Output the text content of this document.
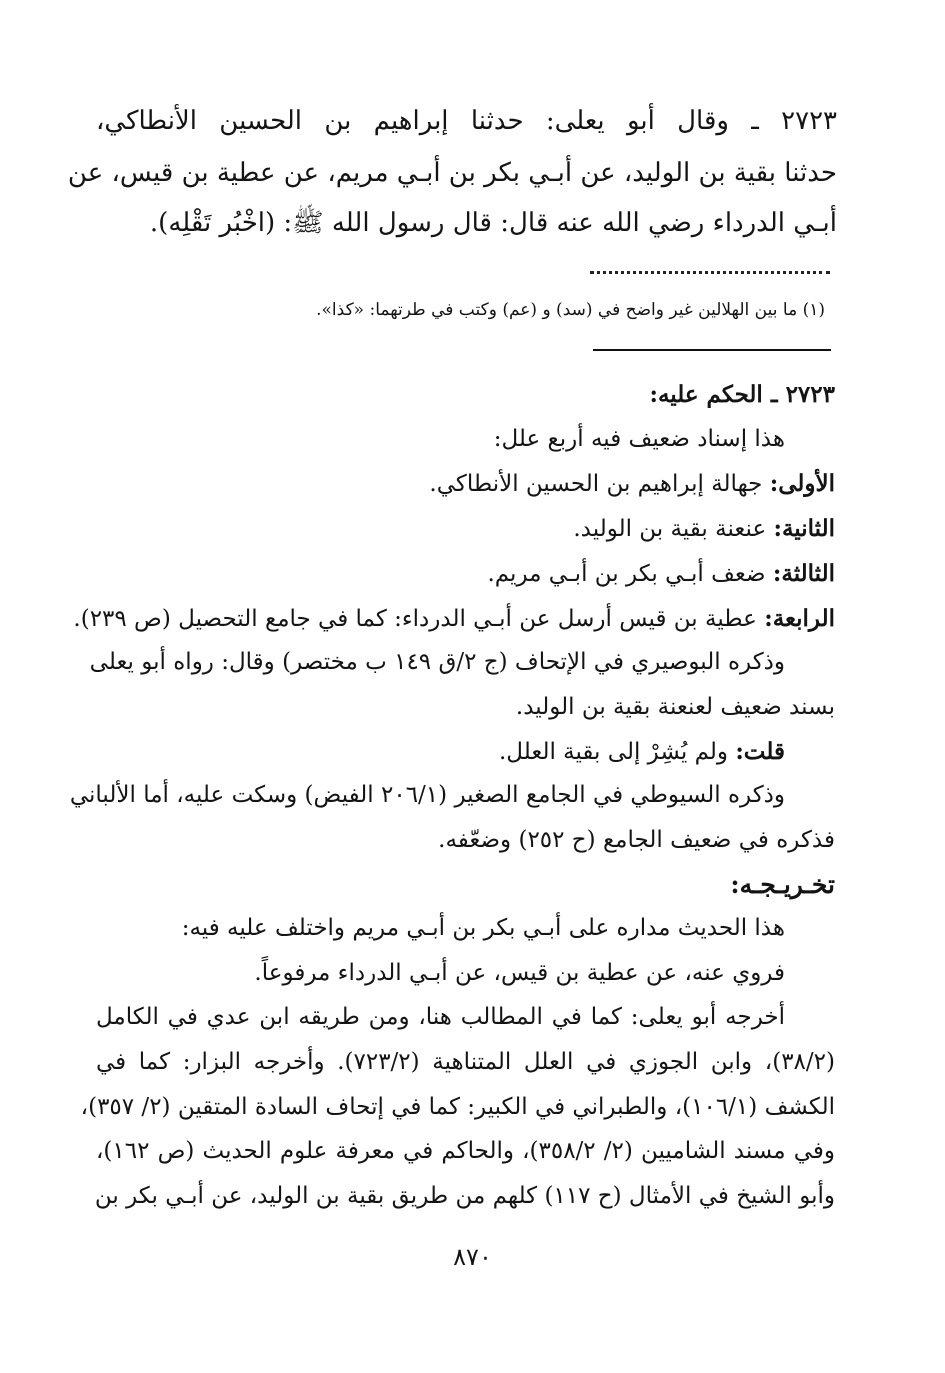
٢٧٢٣ ـ وقال أبو يعلى: حدثنا إبراهيم بن الحسين الأنطاكي،
حدثنا بقية بن الوليد، عن أبـي بكر بن أبـي مريم، عن عطية بن قيس، عن
أبـي الدرداء رضي الله عنه قال: قال رسول الله ﷺ: (اخْبُر تَقْلِه).
(١) ما بين الهلالين غير واضح في (سد) و (عم) وكتب في طرتهما: «كذا».
٢٧٢٣ ـ الحكم عليه:
هذا إسناد ضعيف فيه أربع علل:
الأولى: جهالة إبراهيم بن الحسين الأنطاكي.
الثانية: عنعنة بقية بن الوليد.
الثالثة: ضعف أبـي بكر بن أبـي مريم.
الرابعة: عطية بن قيس أرسل عن أبـي الدرداء: كما في جامع التحصيل (ص ٢٣٩).
وذكره البوصيري في الإتحاف (ج ٢/ق ١٤٩ ب مختصر) وقال: رواه أبو يعلى
بسند ضعيف لعنعنة بقية بن الوليد.
قلت: ولم يُشِرْ إلى بقية العلل.
وذكره السيوطي في الجامع الصغير (٢٠٦/١ الفيض) وسكت عليه، أما الألباني
فذكره في ضعيف الجامع (ح ٢٥٢) وضعّفه.
تخـريـجـه:
هذا الحديث مداره على أبـي بكر بن أبـي مريم واختلف عليه فيه:
فروي عنه، عن عطية بن قيس، عن أبـي الدرداء مرفوعاً.
أخرجه أبو يعلى: كما في المطالب هنا، ومن طريقه ابن عدي في الكامل
(٣٨/٢)، وابن الجوزي في العلل المتناهية (٧٢٣/٢). وأخرجه البزار: كما في
الكشف (١٠٦/١)، والطبراني في الكبير: كما في إتحاف السادة المتقين (٢/ ٣٥٧)،
وفي مسند الشاميين (٢/ ٣٥٨/٢)، والحاكم في معرفة علوم الحديث (ص ١٦٢)،
وأبو الشيخ في الأمثال (ح ١١٧) كلهم من طريق بقية بن الوليد، عن أبـي بكر بن
٨٧٠
